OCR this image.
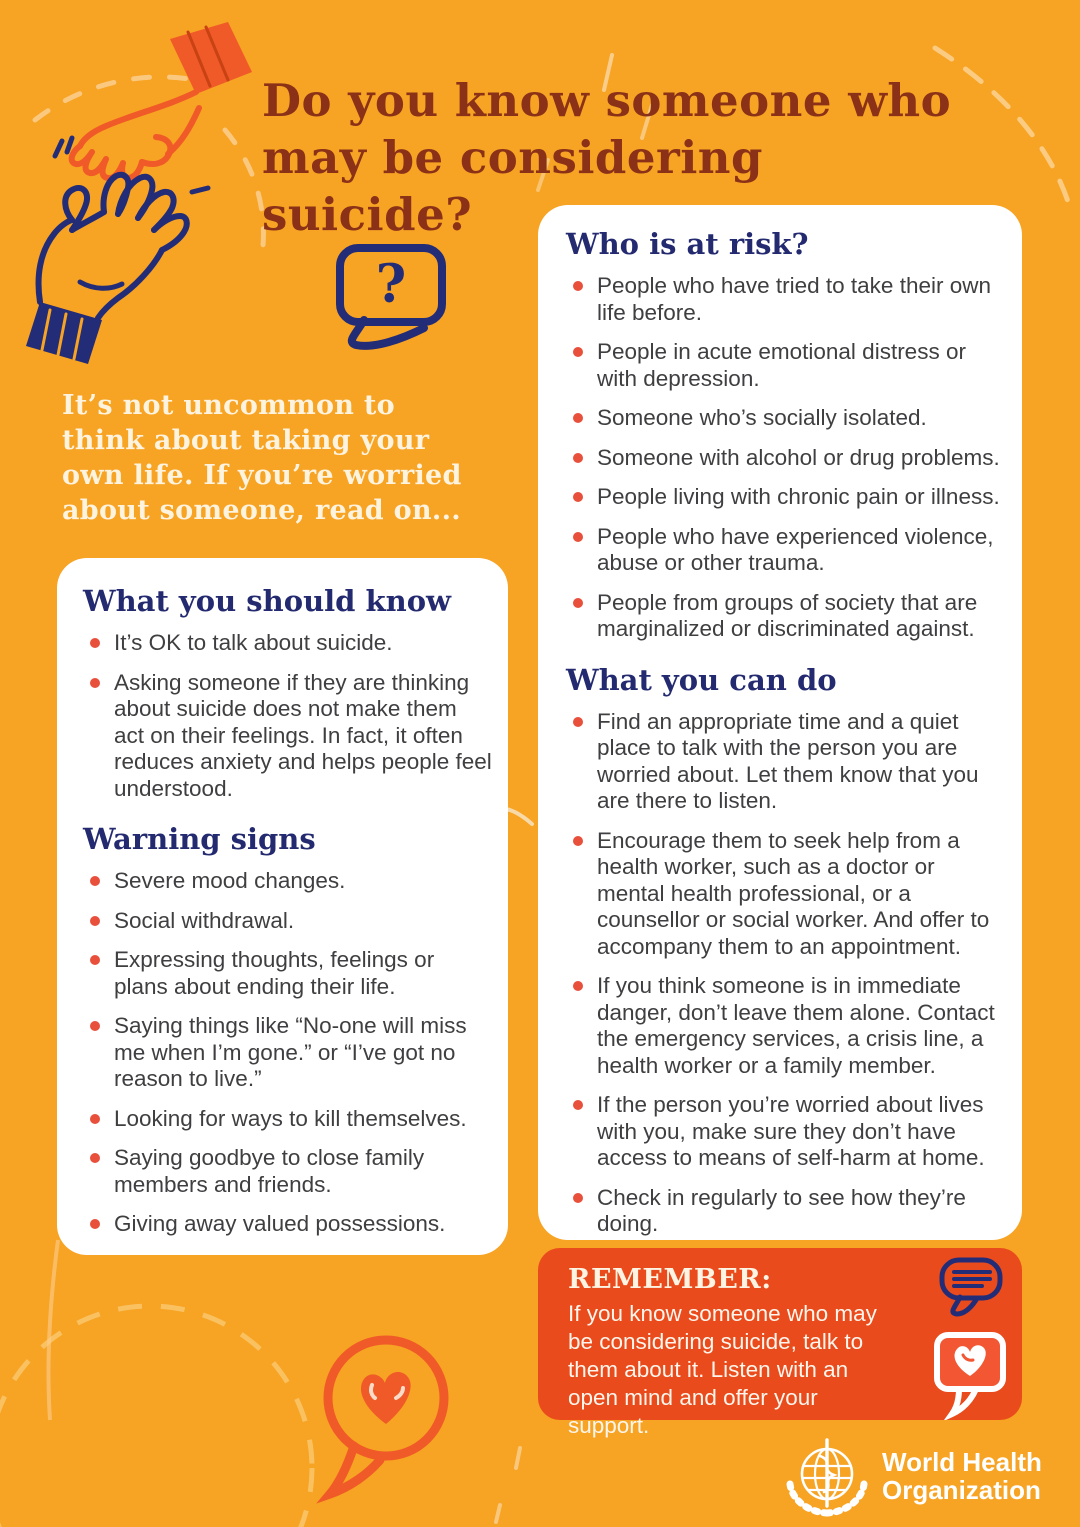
?
Do you know someone who
may be considering suicide?
It’s not uncommon to think about taking your own life. If you’re worried about someone, read on...
What you should know
It’s OK to talk about suicide.
Asking someone if they are thinking about suicide does not make them act on their feelings. In fact, it often reduces anxiety and helps people feel understood.
Warning signs
Severe mood changes.
Social withdrawal.
Expressing thoughts, feelings or plans about ending their life.
Saying things like “No-one will miss me when I’m gone.” or “I’ve got no reason to live.”
Looking for ways to kill themselves.
Saying goodbye to close family members and friends.
Giving away valued possessions.
Who is at risk?
People who have tried to take their own life before.
People in acute emotional distress or with depression.
Someone who’s socially isolated.
Someone with alcohol or drug problems.
People living with chronic pain or illness.
People who have experienced violence, abuse or other trauma.
People from groups of society that are marginalized or discriminated against.
What you can do
Find an appropriate time and a quiet place to talk with the person you are worried about. Let them know that you are there to listen.
Encourage them to seek help from a health worker, such as a doctor or mental health professional, or a counsellor or social worker. And offer to accompany them to an appointment.
If you think someone is in immediate danger, don’t leave them alone. Contact the emergency services, a crisis line, a health worker or a family member.
If the person you’re worried about lives with you, make sure they don’t have access to means of self-harm at home.
Check in regularly to see how they’re doing.
REMEMBER:

If you know someone who may be considering suicide, talk to them about it. Listen with an open mind and offer your support.

World Health
Organization
